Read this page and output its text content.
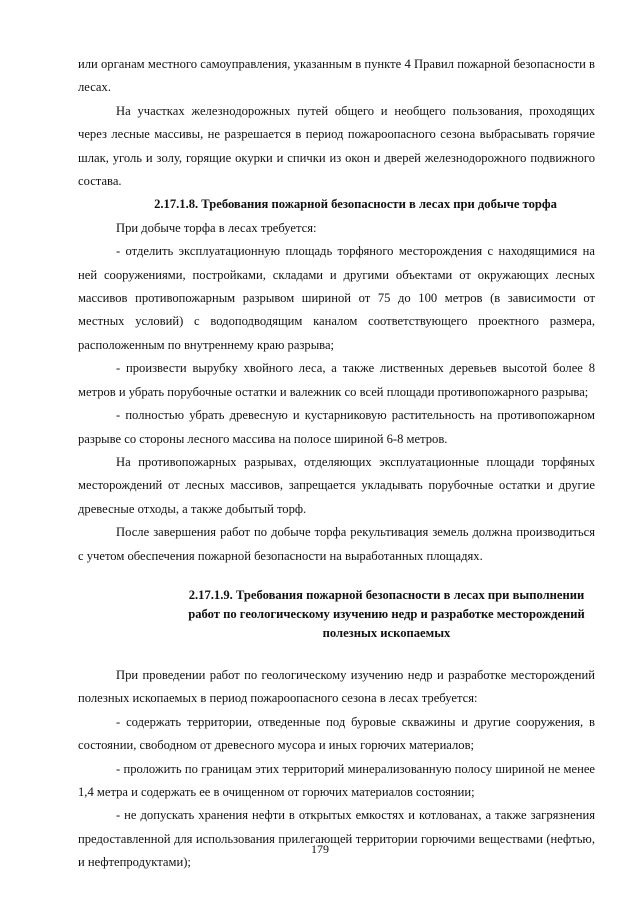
или органам местного самоуправления, указанным в пункте 4 Правил пожарной безопасности в лесах.

На участках железнодорожных путей общего и необщего пользования, проходящих через лесные массивы, не разрешается в период пожароопасного сезона выбрасывать горячие шлак, уголь и золу, горящие окурки и спички из окон и дверей железнодорожного подвижного состава.

2.17.1.8. Требования пожарной безопасности в лесах при добыче торфа

При добыче торфа в лесах требуется:

- отделить эксплуатационную площадь торфяного месторождения с находящимися на ней сооружениями, постройками, складами и другими объектами от окружающих лесных массивов противопожарным разрывом шириной от 75 до 100 метров (в зависимости от местных условий) с водоподводящим каналом соответствующего проектного размера, расположенным по внутреннему краю разрыва;

- произвести вырубку хвойного леса, а также лиственных деревьев высотой более 8 метров и убрать порубочные остатки и валежник со всей площади противопожарного разрыва;

- полностью убрать древесную и кустарниковую растительность на противопожарном разрыве со стороны лесного массива на полосе шириной 6-8 метров.

На противопожарных разрывах, отделяющих эксплуатационные площади торфяных месторождений от лесных массивов, запрещается укладывать порубочные остатки и другие древесные отходы, а также добытый торф.

После завершения работ по добыче торфа рекультивация земель должна производиться с учетом обеспечения пожарной безопасности на выработанных площадях.

2.17.1.9. Требования пожарной безопасности в лесах при выполнении
работ по геологическому изучению недр и разработке месторождений
полезных ископаемых

При проведении работ по геологическому изучению недр и разработке месторождений полезных ископаемых в период пожароопасного сезона в лесах требуется:

- содержать территории, отведенные под буровые скважины и другие сооружения, в состоянии, свободном от древесного мусора и иных горючих материалов;

- проложить по границам этих территорий минерализованную полосу шириной не менее 1,4 метра и содержать ее в очищенном от горючих материалов состоянии;

- не допускать хранения нефти в открытых емкостях и котлованах, а также загрязнения предоставленной для использования прилегающей территории горючими веществами (нефтью, и нефтепродуктами);

179
